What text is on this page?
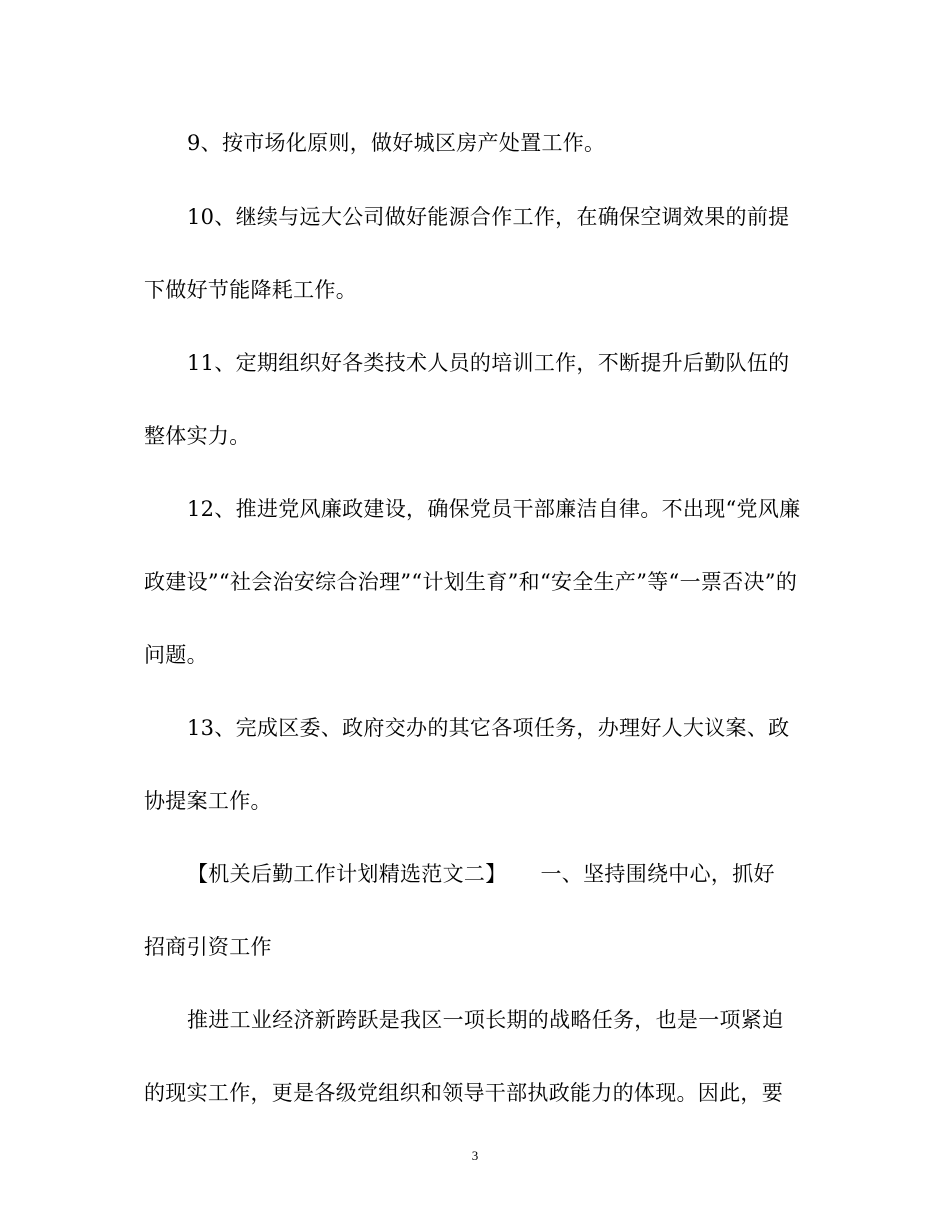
9、按市场化原则，做好城区房产处置工作。
10、继续与远大公司做好能源合作工作，在确保空调效果的前提
下做好节能降耗工作。
11、定期组织好各类技术人员的培训工作，不断提升后勤队伍的
整体实力。
12、推进党风廉政建设，确保党员干部廉洁自律。不出现“党风廉
政建设”“社会治安综合治理”“计划生育”和“安全生产”等“一票否决”的
问题。
13、完成区委、政府交办的其它各项任务，办理好人大议案、政
协提案工作。
【机关后勤工作计划精选范文二】 一、坚持围绕中心，抓好
招商引资工作
推进工业经济新跨跃是我区一项长期的战略任务，也是一项紧迫
的现实工作，更是各级党组织和领导干部执政能力的体现。因此，要
3
